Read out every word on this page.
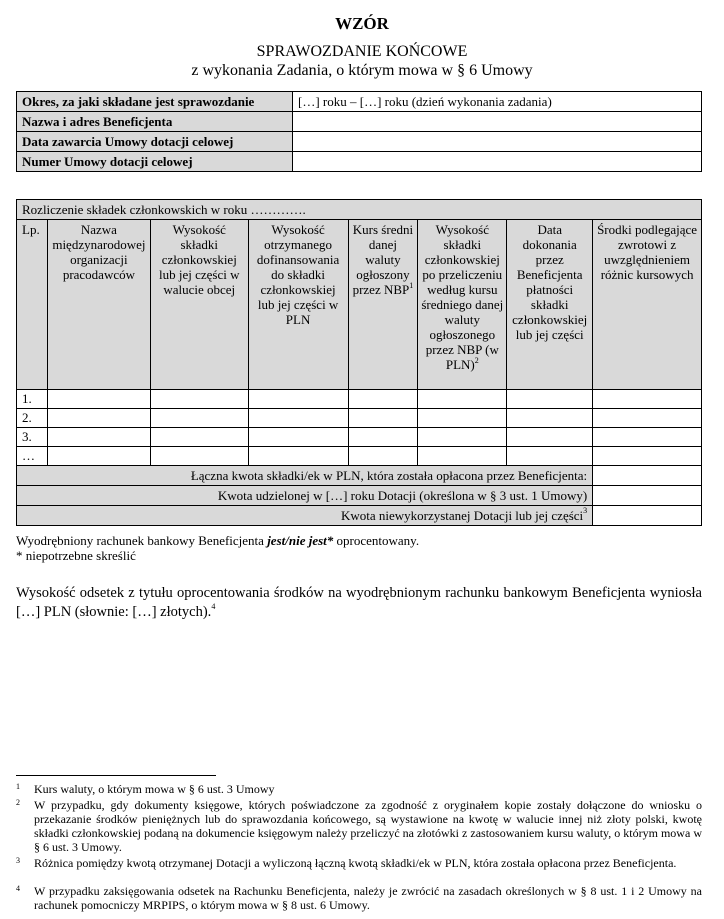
WZÓR
SPRAWOZDANIE KOŃCOWE
z wykonania Zadania, o którym mowa w § 6 Umowy
Okres, za jaki składane jest sprawozdanie	[…] roku – […] roku (dzień wykonania zadania)
Nazwa i adres Beneficjenta	
Data zawarcia Umowy dotacji celowej	
Numer Umowy dotacji celowej	
Rozliczenie składek członkowskich w roku ………….							
Lp.	Nazwa międzynarodowej organizacji pracodawców	Wysokość składki członkowskiej lub jej części w walucie obcej	Wysokość otrzymanego dofinansowania do składki członkowskiej lub jej części w PLN	Kurs średni danej waluty ogłoszony przez NBP$^1$	Wysokość składki członkowskiej po przeliczeniu według kursu średniego danej waluty ogłoszonego przez NBP (w PLN)$^2$	Data dokonania przez Beneficjenta płatności składki członkowskiej lub jej części	Środki podlegające zwrotowi z uwzględnieniem różnic kursowych
1.							
2.							
3.							
…							
Łączna kwota składki/ek w PLN, która została opłacona przez Beneficjenta:							
Kwota udzielonej w […] roku Dotacji (określona w § 3 ust. 1 Umowy)							
Kwota niewykorzystanej Dotacji lub jej części$^3$	
Wyodrębniony rachunek bankowy Beneficjenta jest/nie jest* oprocentowany.
* niepotrzebne skreślić
Wysokość odsetek z tytułu oprocentowania środków na wyodrębnionym rachunku bankowym Beneficjenta wyniosła […] PLN (słownie: […] złotych).$^4$
1 Kurs waluty, o którym mowa w § 6 ust. 3 Umowy
2 W przypadku, gdy dokumenty księgowe, których poświadczone za zgodność z oryginałem kopie zostały dołączone do wniosku o przekazanie środków pieniężnych lub do sprawozdania końcowego, są wystawione na kwotę w walucie innej niż złoty polski, kwotę składki członkowskiej podaną na dokumencie księgowym należy przeliczyć na złotówki z zastosowaniem kursu waluty, o którym mowa w § 6 ust. 3 Umowy.
3 Różnica pomiędzy kwotą otrzymanej Dotacji a wyliczoną łączną kwotą składki/ek w PLN, która została opłacona przez Beneficjenta.
4 W przypadku zaksięgowania odsetek na Rachunku Beneficjenta, należy je zwrócić na zasadach określonych w § 8 ust. 1 i 2 Umowy na rachunek pomocniczy MRPIPS, o którym mowa w § 8 ust. 6 Umowy.
